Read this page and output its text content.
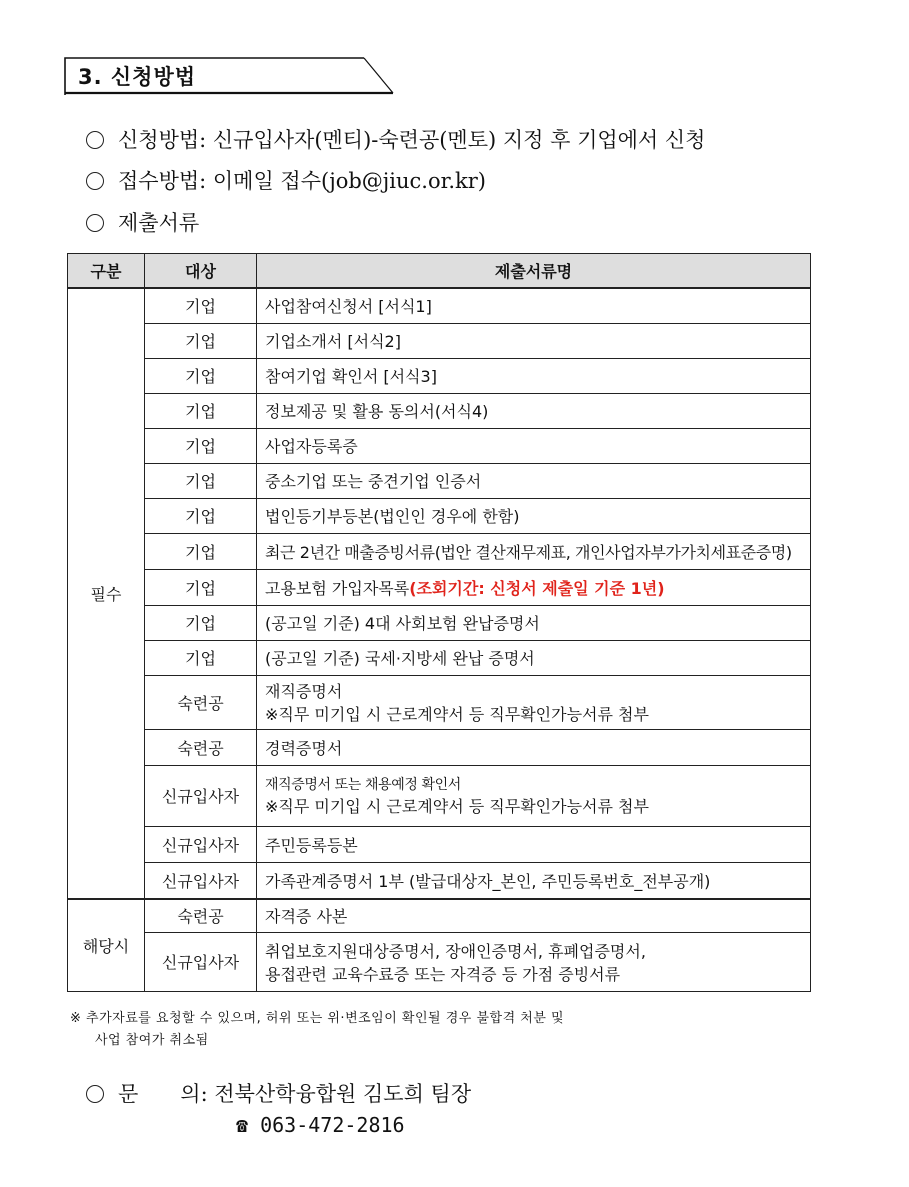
3. 신청방법
신청방법: 신규입사자(멘티)-숙련공(멘토) 지정 후 기업에서 신청
접수방법: 이메일 접수(job@jiuc.or.kr)
제출서류
구분	대상	제출서류명
필수	기업	사업참여신청서 [서식1]
	기업	기업소개서 [서식2]
	기업	참여기업 확인서 [서식3]
	기업	정보제공 및 활용 동의서(서식4)
	기업	사업자등록증
	기업	중소기업 또는 중견기업 인증서
	기업	법인등기부등본(법인인 경우에 한함)
	기업	최근 2년간 매출증빙서류(법안 결산재무제표, 개인사업자부가가치세표준증명)
	기업	고용보험 가입자목록(조회기간: 신청서 제출일 기준 1년)
	기업	(공고일 기준) 4대 사회보험 완납증명서
	기업	(공고일 기준) 국세·지방세 완납 증명서
	숙련공	재직증명서
※직무 미기입 시 근로계약서 등 직무확인가능서류 첨부

	숙련공	경력증명서
	신규입사자	재직증명서 또는 채용예정 확인서
※직무 미기입 시 근로계약서 등 직무확인가능서류 첨부

	신규입사자	주민등록등본
	신규입사자	가족관계증명서 1부 (발급대상자_본인, 주민등록번호_전부공개)
해당시	숙련공	자격증 사본
	신규입사자	취업보호지원대상증명서, 장애인증명서, 휴폐업증명서,
용접관련 교육수료증 또는 자격증 등 가점 증빙서류
※ 추가자료를 요청할 수 있으며, 허위 또는 위·변조임이 확인될 경우 불합격 처분 및
사업 참여가 취소됨
문　　의: 전북산학융합원 김도희 팀장
☎ 063-472-2816
